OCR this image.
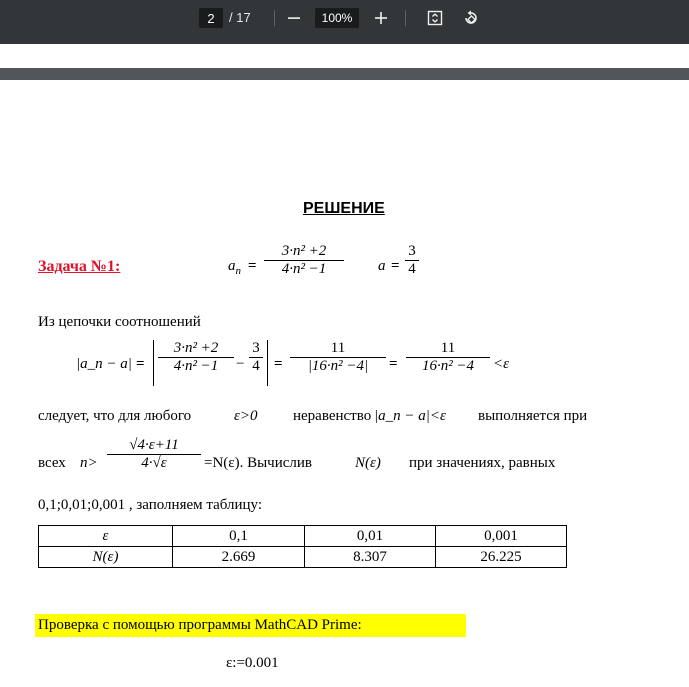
2
/ 17	100%
РЕШЕНИЕ
Задача №1:	$a_n$ =
3·n² +2
4·n² −1	a =
3
4
Из цепочки соотношений
|a_n − a| =
3·n² +2
4·n² −1	−
3
4 =
11
|16·n² −4|	=
11
16·n² −4	<ε
следует, что для любого	ε>0 неравенство |a_n − a|<ε выполняется при
всех n>
√4·ε+11
4·√ε	=N(ε). Вычислив	N(ε) при значениях, равных
0,1;0,01;0,001 , заполняем таблицу:
ε	0,1	0,01	0,001
N(ε)	2.669	8.307	26.225
Проверка с помощью программы MathCAD Prime:
ε:=0.001
